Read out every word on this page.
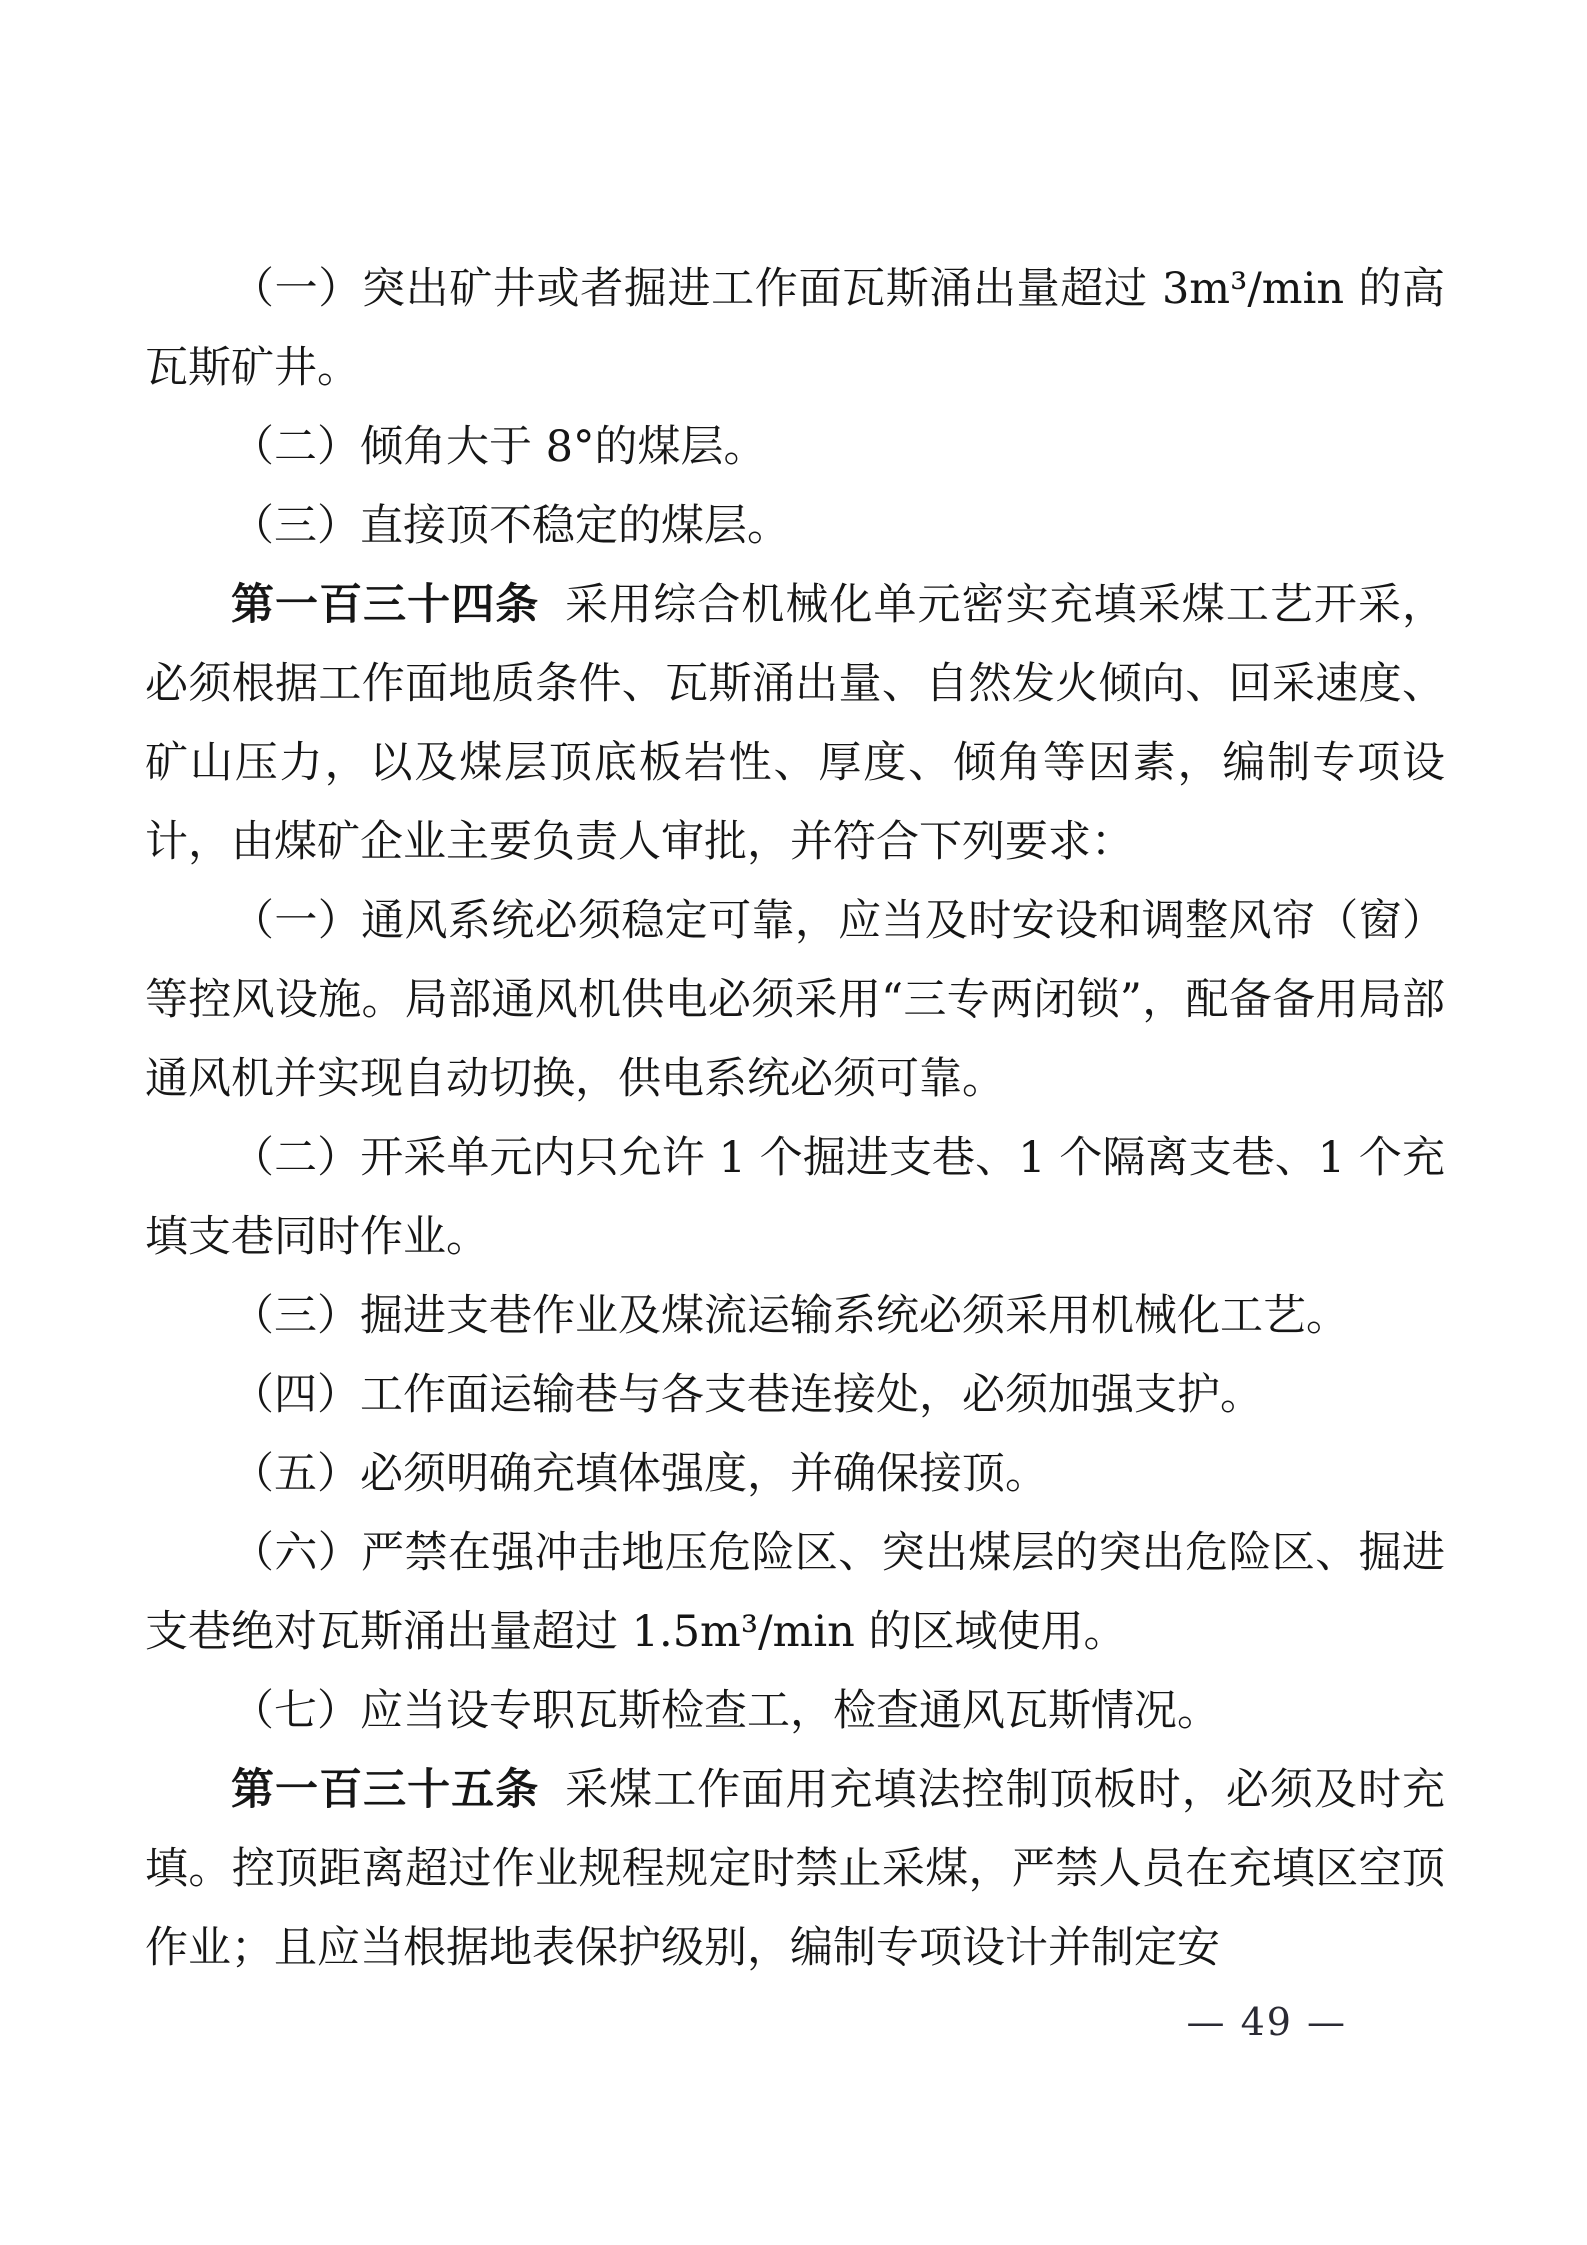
（一）突出矿井或者掘进工作面瓦斯涌出量超过 3m³/min 的高瓦斯矿井。

（二）倾角大于 8°的煤层。

（三）直接顶不稳定的煤层。

第一百三十四条 采用综合机械化单元密实充填采煤工艺开采，必须根据工作面地质条件、瓦斯涌出量、自然发火倾向、回采速度、矿山压力，以及煤层顶底板岩性、厚度、倾角等因素，编制专项设计，由煤矿企业主要负责人审批，并符合下列要求：

（一）通风系统必须稳定可靠，应当及时安设和调整风帘（窗）等控风设施。局部通风机供电必须采用“三专两闭锁”，配备备用局部通风机并实现自动切换，供电系统必须可靠。

（二）开采单元内只允许 1 个掘进支巷、1 个隔离支巷、1 个充填支巷同时作业。

（三）掘进支巷作业及煤流运输系统必须采用机械化工艺。

（四）工作面运输巷与各支巷连接处，必须加强支护。

（五）必须明确充填体强度，并确保接顶。

（六）严禁在强冲击地压危险区、突出煤层的突出危险区、掘进支巷绝对瓦斯涌出量超过 1.5m³/min 的区域使用。

（七）应当设专职瓦斯检查工，检查通风瓦斯情况。

第一百三十五条 采煤工作面用充填法控制顶板时，必须及时充填。控顶距离超过作业规程规定时禁止采煤，严禁人员在充填区空顶作业；且应当根据地表保护级别，编制专项设计并制定安

— 49 —
